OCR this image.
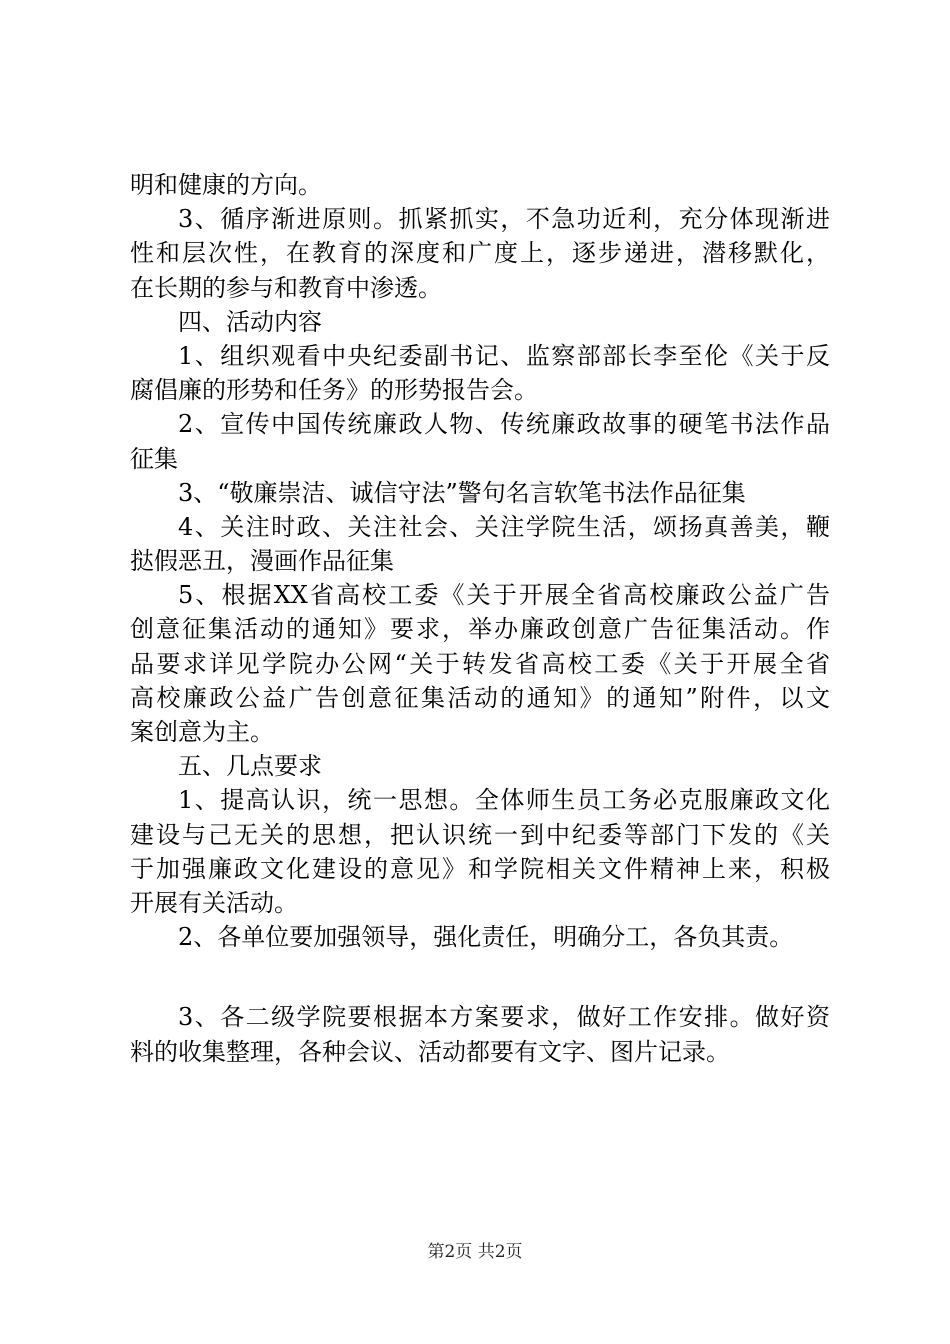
明和健康的方向。
3、循序渐进原则。抓紧抓实，不急功近利，充分体现渐进
性和层次性，在教育的深度和广度上，逐步递进，潜移默化，
在长期的参与和教育中渗透。
四、活动内容
1、组织观看中央纪委副书记、监察部部长李至伦《关于反
腐倡廉的形势和任务》的形势报告会。
2、宣传中国传统廉政人物、传统廉政故事的硬笔书法作品
征集
3、“敬廉崇洁、诚信守法”警句名言软笔书法作品征集
4、关注时政、关注社会、关注学院生活，颂扬真善美，鞭
挞假恶丑，漫画作品征集
5、根据XX省高校工委《关于开展全省高校廉政公益广告
创意征集活动的通知》要求，举办廉政创意广告征集活动。作
品要求详见学院办公网“关于转发省高校工委《关于开展全省
高校廉政公益广告创意征集活动的通知》的通知”附件，以文
案创意为主。
五、几点要求
1、提高认识，统一思想。全体师生员工务必克服廉政文化
建设与己无关的思想，把认识统一到中纪委等部门下发的《关
于加强廉政文化建设的意见》和学院相关文件精神上来，积极
开展有关活动。
2、各单位要加强领导，强化责任，明确分工，各负其责。
3、各二级学院要根据本方案要求，做好工作安排。做好资
料的收集整理，各种会议、活动都要有文字、图片记录。
第2页 共2页
